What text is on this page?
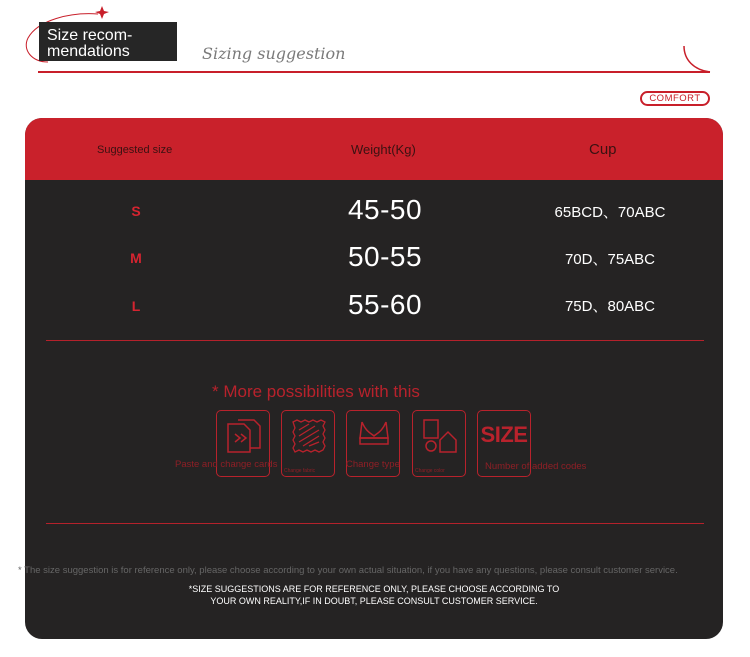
Size recom-
mendations	Sizing suggestion
COMFORT
Suggested size	Weight(Kg)	Cup
S	45-50	65BCD、70ABC
M	50-55	70D、75ABC
L	55-60	75D、80ABC
* More possibilities with this
Change fabric	Change color
SIZE
Paste and change cards	Change type	Number of added codes
*SIZE SUGGESTIONS ARE FOR REFERENCE ONLY, PLEASE CHOOSE ACCORDING TO
YOUR OWN REALITY,IF IN DOUBT, PLEASE CONSULT CUSTOMER SERVICE.
* The size suggestion is for reference only, please choose according to your own actual situation, if you have any questions, please consult customer service.
